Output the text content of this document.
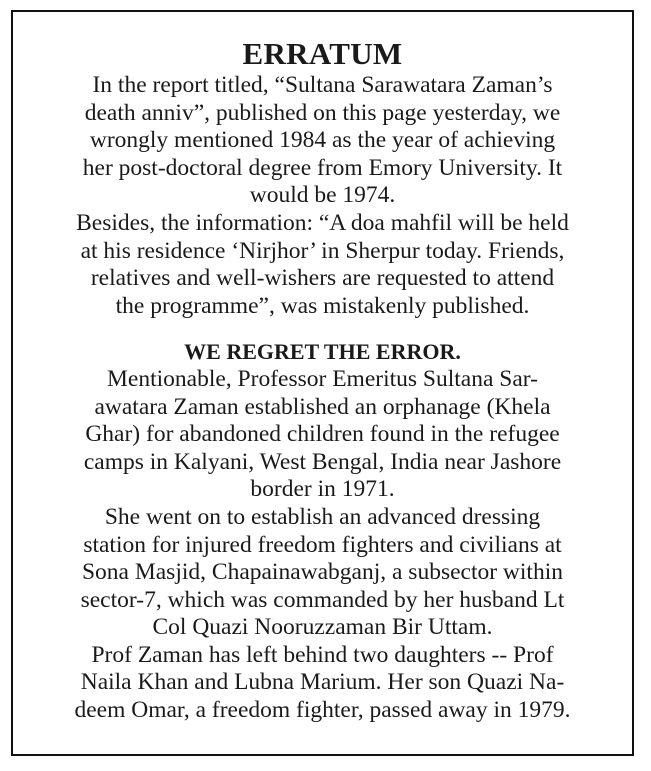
ERRATUM
In the report titled, “Sultana Sarawatara Zaman’s
death anniv”, published on this page yesterday, we
wrongly mentioned 1984 as the year of achieving
her post-doctoral degree from Emory University. It
would be 1974.
Besides, the information: “A doa mahfil will be held
at his residence ‘Nirjhor’ in Sherpur today. Friends,
relatives and well-wishers are requested to attend
the programme”, was mistakenly published.
WE REGRET THE ERROR.
Mentionable, Professor Emeritus Sultana Sar-
awatara Zaman established an orphanage (Khela
Ghar) for abandoned children found in the refugee
camps in Kalyani, West Bengal, India near Jashore
border in 1971.
She went on to establish an advanced dressing
station for injured freedom fighters and civilians at
Sona Masjid, Chapainawabganj, a subsector within
sector-7, which was commanded by her husband Lt
Col Quazi Nooruzzaman Bir Uttam.
Prof Zaman has left behind two daughters -- Prof
Naila Khan and Lubna Marium. Her son Quazi Na-
deem Omar, a freedom fighter, passed away in 1979.
